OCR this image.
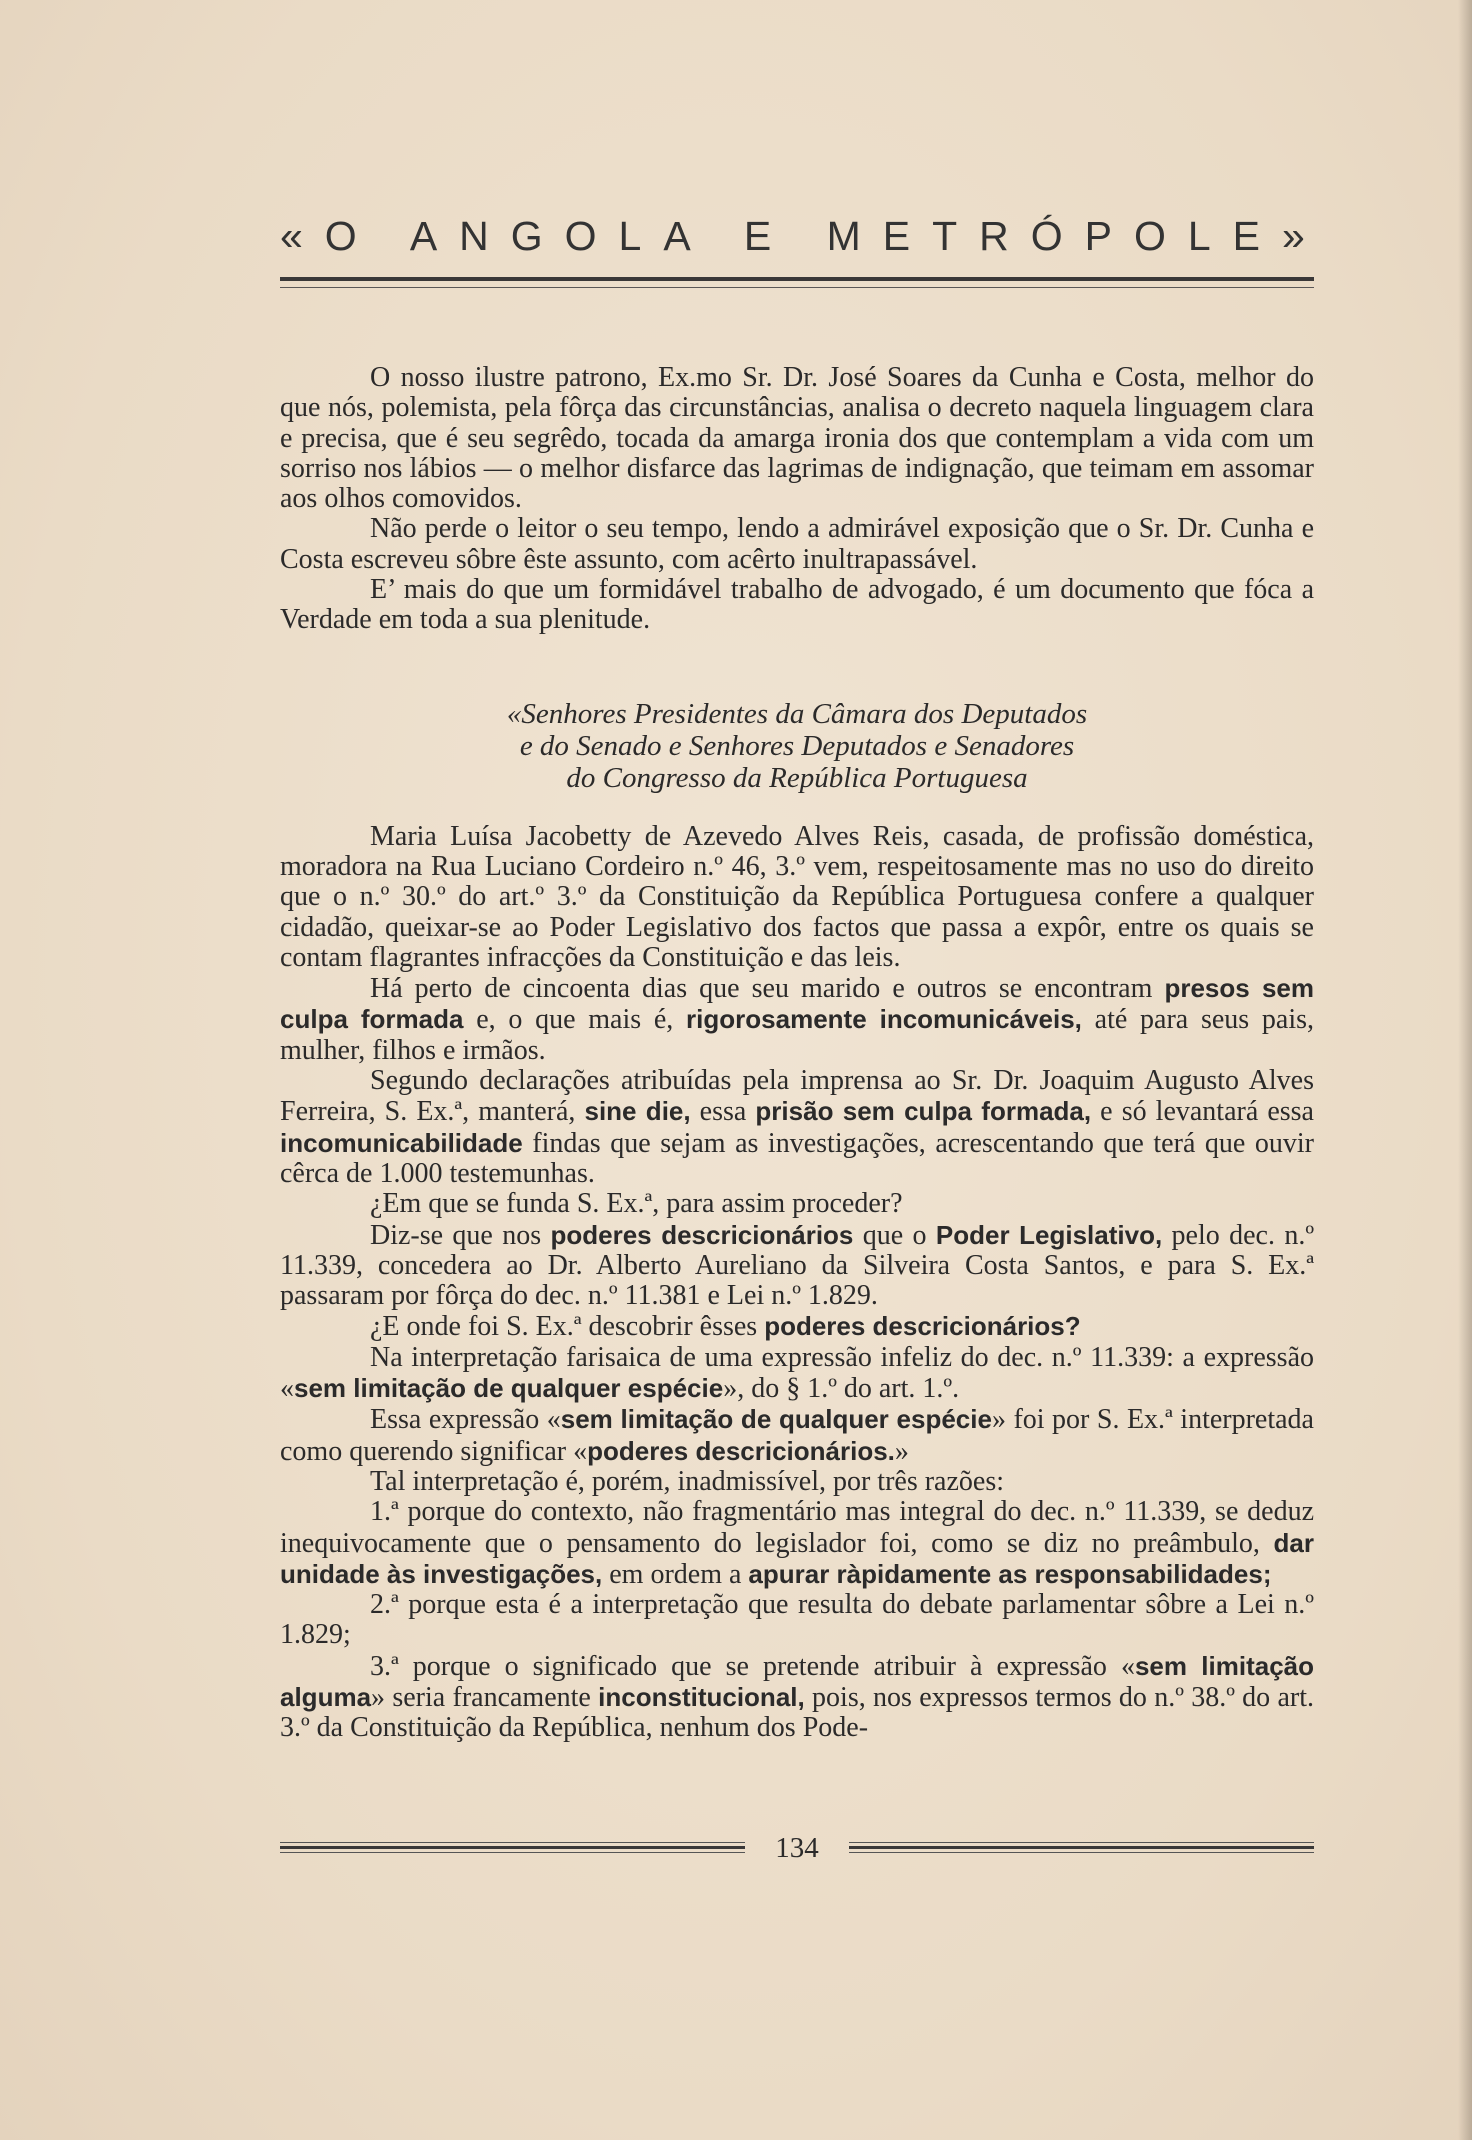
«O ANGOLA E METRÓPOLE»

O nosso ilustre patrono, Ex.mo Sr. Dr. José Soares da Cunha e Costa, melhor do que nós, polemista, pela fôrça das circunstâncias, analisa o decreto naquela linguagem clara e precisa, que é seu segrêdo, tocada da amarga ironia dos que contemplam a vida com um sorriso nos lábios — o melhor disfarce das lagrimas de indignação, que teimam em assomar aos olhos comovidos.

Não perde o leitor o seu tempo, lendo a admirável exposição que o Sr. Dr. Cunha e Costa escreveu sôbre êste assunto, com acêrto inultrapassável.

E’ mais do que um formidável trabalho de advogado, é um documento que fóca a Verdade em toda a sua plenitude.

«Senhores Presidentes da Câmara dos Deputados
e do Senado e Senhores Deputados e Senadores
do Congresso da República Portuguesa

Maria Luísa Jacobetty de Azevedo Alves Reis, casada, de profissão doméstica, moradora na Rua Luciano Cordeiro n.º 46, 3.º vem, respeitosamente mas no uso do direito que o n.º 30.º do art.º 3.º da Constituição da República Portuguesa confere a qualquer cidadão, queixar-se ao Poder Legislativo dos factos que passa a expôr, entre os quais se contam flagrantes infracções da Constituição e das leis.

Há perto de cincoenta dias que seu marido e outros se encontram presos sem culpa formada e, o que mais é, rigorosamente incomunicáveis, até para seus pais, mulher, filhos e irmãos.

Segundo declarações atribuídas pela imprensa ao Sr. Dr. Joaquim Augusto Alves Ferreira, S. Ex.ª, manterá, sine die, essa prisão sem culpa formada, e só levantará essa incomunicabilidade findas que sejam as investigações, acrescentando que terá que ouvir cêrca de 1.000 testemunhas.

¿Em que se funda S. Ex.ª, para assim proceder?

Diz-se que nos poderes descricionários que o Poder Legislativo, pelo dec. n.º 11.339, concedera ao Dr. Alberto Aureliano da Silveira Costa Santos, e para S. Ex.ª passaram por fôrça do dec. n.º 11.381 e Lei n.º 1.829.

¿E onde foi S. Ex.ª descobrir êsses poderes descricionários?

Na interpretação farisaica de uma expressão infeliz do dec. n.º 11.339: a expressão «sem limitação de qualquer espécie», do § 1.º do art. 1.º.

Essa expressão «sem limitação de qualquer espécie» foi por S. Ex.ª interpretada como querendo significar «poderes descricionários.»

Tal interpretação é, porém, inadmissível, por três razões:

1.ª porque do contexto, não fragmentário mas integral do dec. n.º 11.339, se deduz inequivocamente que o pensamento do legislador foi, como se diz no preâmbulo, dar unidade às investigações, em ordem a apurar ràpidamente as responsabilidades;

2.ª porque esta é a interpretação que resulta do debate parlamentar sôbre a Lei n.º 1.829;

3.ª porque o significado que se pretende atribuir à expressão «sem limitação alguma» seria francamente inconstitucional, pois, nos expressos termos do n.º 38.º do art. 3.º da Constituição da República, nenhum dos Pode-

134
